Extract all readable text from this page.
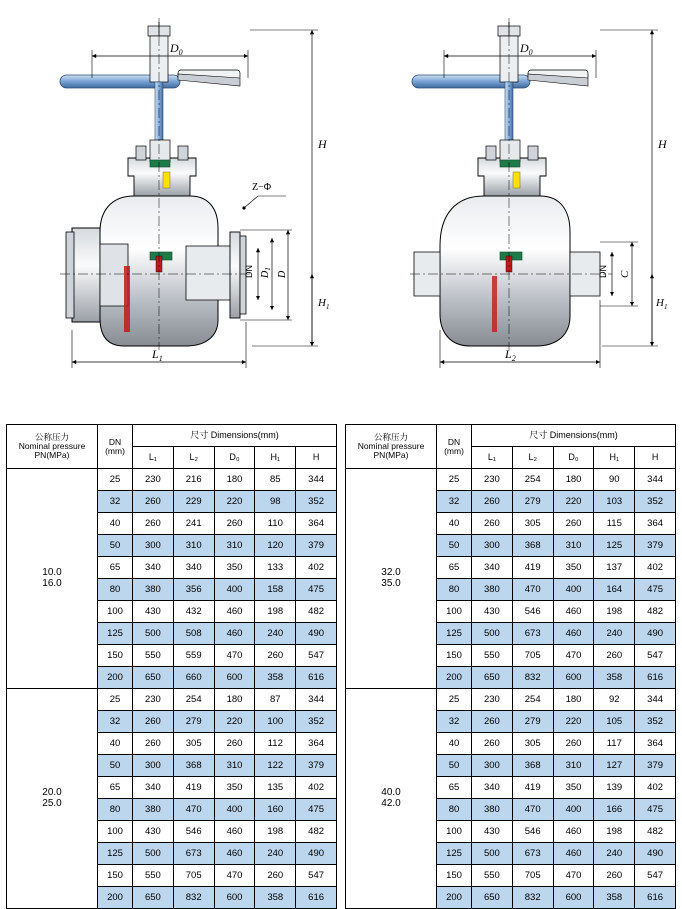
$D_0$
H
$H_1$
Z−Φ
DN $D_1$
D
$L_1$
$D_0$
H
$H_1$
DN C
$L_2$
公称压力
Nominal pressure
PN(MPa)

DN
(mm)
	尺寸 Dimensions(mm)
		L₁	L₂	D₀	H₁	H
10.0
16.0	25	230	216	180	85	344
	32	260	229	220	98	352
	40	260	241	260	110	364
	50	300	310	310	120	379
	65	340	340	350	133	402
	80	380	356	400	158	475
	100	430	432	460	198	482
	125	500	508	460	240	490
	150	550	559	470	260	547
	200	650	660	600	358	616
20.0
25.0	25	230	254	180	87	344
	32	260	279	220	100	352
	40	260	305	260	112	364
	50	300	368	310	122	379
	65	340	419	350	135	402
	80	380	470	400	160	475
	100	430	546	460	198	482
	125	500	673	460	240	490
	150	550	705	470	260	547
	200	650	832	600	358	616
公称压力
Nominal pressure
PN(MPa)

DN
(mm)
	尺寸 Dimensions(mm)
		L₁	L₂	D₀	H₁	H
32.0
35.0	25	230	254	180	90	344
	32	260	279	220	103	352
	40	260	305	260	115	364
	50	300	368	310	125	379
	65	340	419	350	137	402
	80	380	470	400	164	475
	100	430	546	460	198	482
	125	500	673	460	240	490
	150	550	705	470	260	547
	200	650	832	600	358	616
40.0
42.0	25	230	254	180	92	344
	32	260	279	220	105	352
	40	260	305	260	117	364
	50	300	368	310	127	379
	65	340	419	350	139	402
	80	380	470	400	166	475
	100	430	546	460	198	482
	125	500	673	460	240	490
	150	550	705	470	260	547
	200	650	832	600	358	616
